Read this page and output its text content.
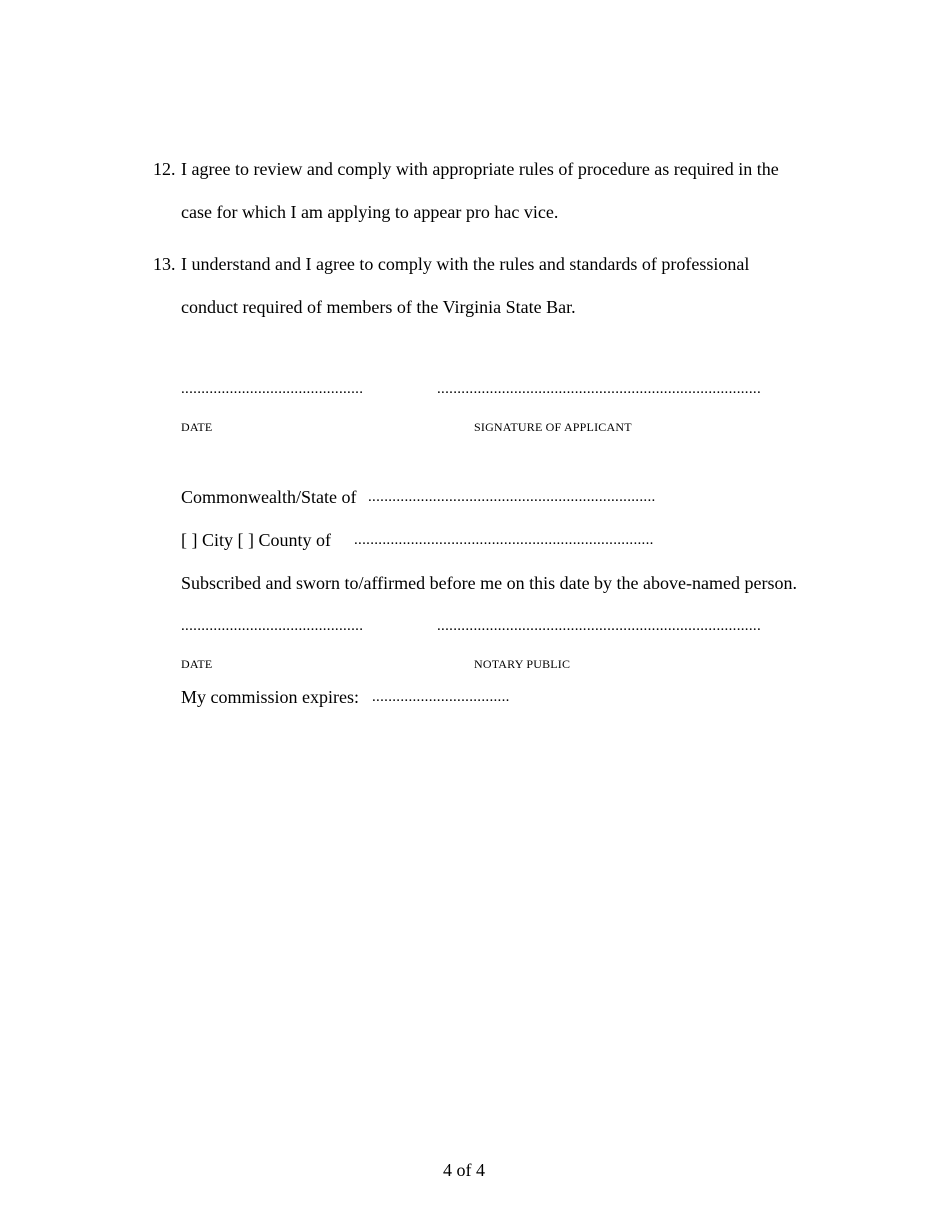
12. I agree to review and comply with appropriate rules of procedure as required in the
case for which I am applying to appear pro hac vice.
13. I understand and I agree to comply with the rules and standards of professional
conduct required of members of the Virginia State Bar.
.............................................	................................................................................
DATE	SIGNATURE OF APPLICANT
Commonwealth/State of .......................................................................
[ ] City [ ] County of ..........................................................................
Subscribed and sworn to/affirmed before me on this date by the above-named person.
.............................................	................................................................................
DATE	NOTARY PUBLIC
My commission expires: ..................................
4 of 4
